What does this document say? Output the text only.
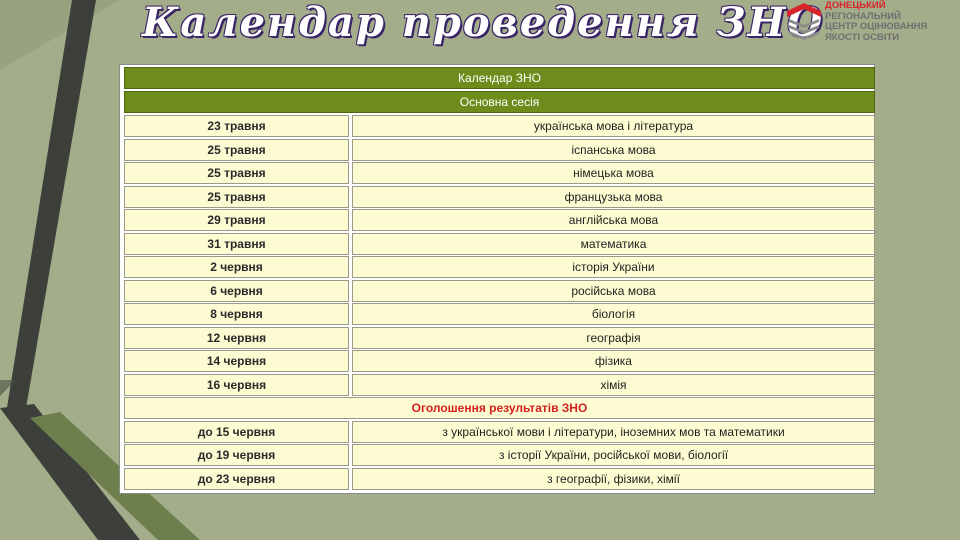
Календар проведення ЗНО ДОНЕЦЬКИЙ
РЕГІОНАЛЬНИЙ
ЦЕНТР ОЦІНЮВАННЯ
ЯКОСТІ ОСВІТИ
Календар ЗНО
Основна сесія
23 травня	українська мова і література
25 травня	іспанська мова
25 травня	німецька мова
25 травня	французька мова
29 травня	англійська мова
31 травня	математика
2 червня	історія України
6 червня	російська мова
8 червня	біологія
12 червня	географія
14 червня	фізика
16 червня	хімія
Оголошення результатів ЗНО
до 15 червня	з української мови і літератури, іноземних мов та математики
до 19 червня	з історії України, російської мови, біології
до 23 червня	з географії, фізики, хімії
